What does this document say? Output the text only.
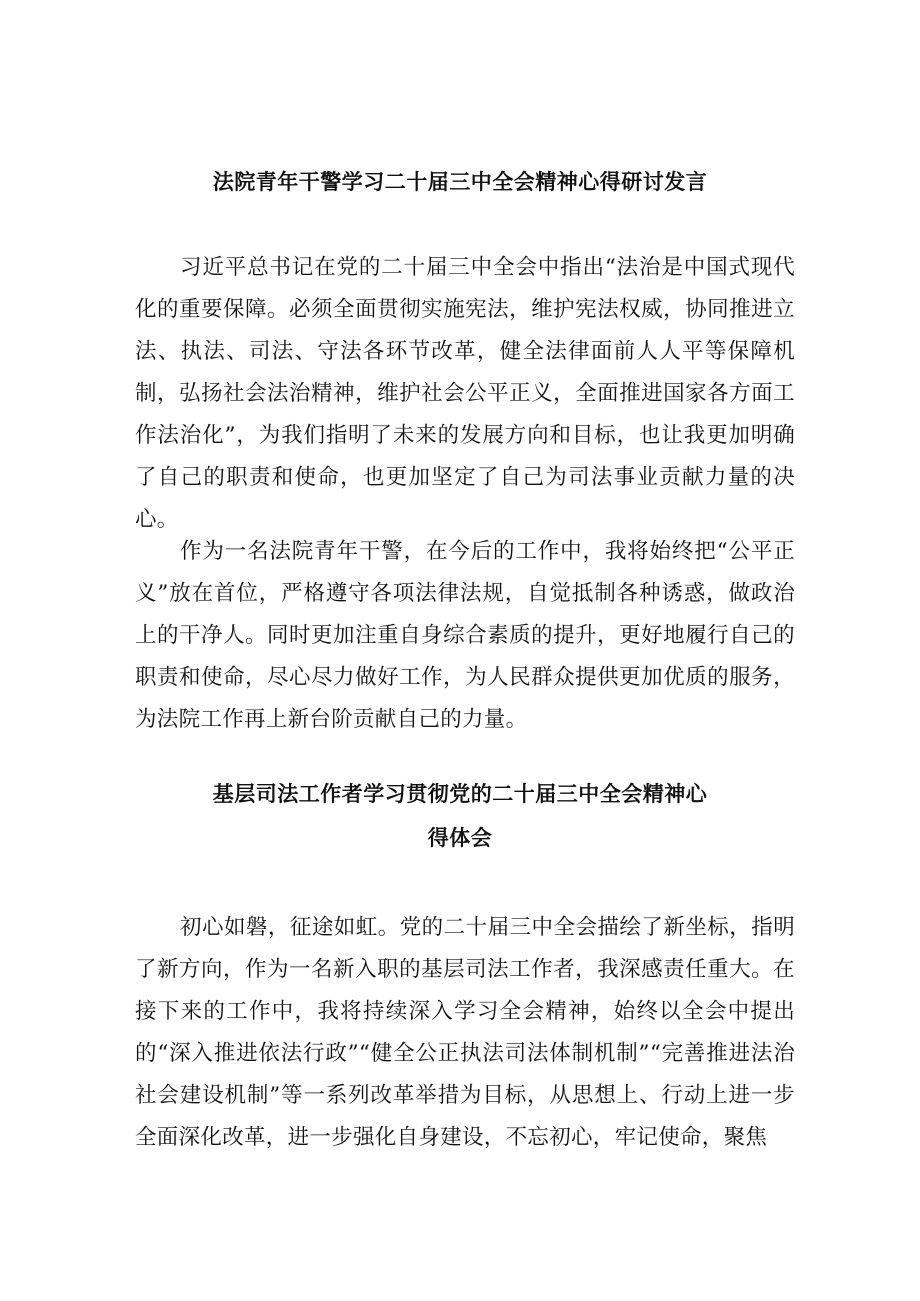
法院青年干警学习二十届三中全会精神心得研讨发言

习近平总书记在党的二十届三中全会中指出“法治是中国式现代化的重要保障。必须全面贯彻实施宪法，维护宪法权威，协同推进立法、执法、司法、守法各环节改革，健全法律面前人人平等保障机制，弘扬社会法治精神，维护社会公平正义，全面推进国家各方面工作法治化”，为我们指明了未来的发展方向和目标，也让我更加明确了自己的职责和使命，也更加坚定了自己为司法事业贡献力量的决心。

作为一名法院青年干警，在今后的工作中，我将始终把“公平正义”放在首位，严格遵守各项法律法规，自觉抵制各种诱惑，做政治上的干净人。同时更加注重自身综合素质的提升，更好地履行自己的职责和使命，尽心尽力做好工作，为人民群众提供更加优质的服务，为法院工作再上新台阶贡献自己的力量。

基层司法工作者学习贯彻党的二十届三中全会精神心
得体会

初心如磐，征途如虹。党的二十届三中全会描绘了新坐标，指明了新方向，作为一名新入职的基层司法工作者，我深感责任重大。在接下来的工作中，我将持续深入学习全会精神，始终以全会中提出的“深入推进依法行政”“健全公正执法司法体制机制”“完善推进法治社会建设机制”等一系列改革举措为目标，从思想上、行动上进一步全面深化改革，进一步强化自身建设，不忘初心，牢记使命，聚焦
